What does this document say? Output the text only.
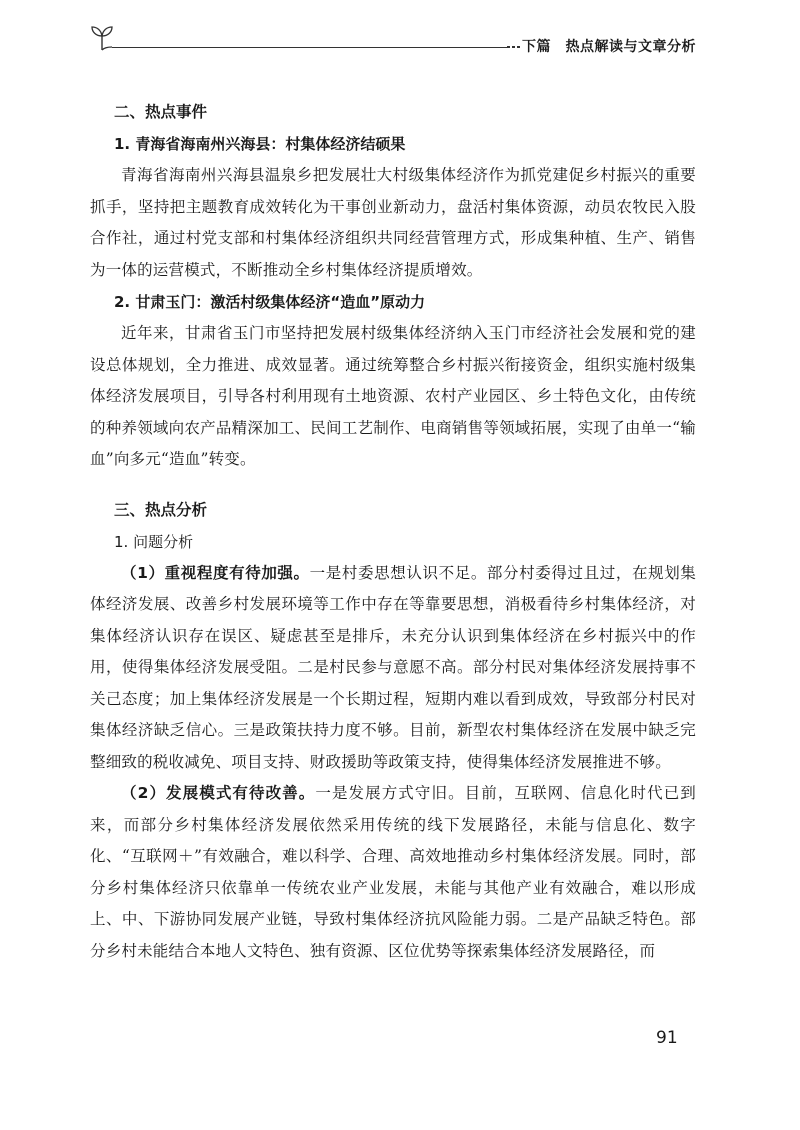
下篇　热点解读与文章分析

二、热点事件

1. 青海省海南州兴海县：村集体经济结硕果

青海省海南州兴海县温泉乡把发展壮大村级集体经济作为抓党建促乡村振兴的重要抓手，坚持把主题教育成效转化为干事创业新动力，盘活村集体资源，动员农牧民入股合作社，通过村党支部和村集体经济组织共同经营管理方式，形成集种植、生产、销售为一体的运营模式，不断推动全乡村集体经济提质增效。

2. 甘肃玉门：激活村级集体经济“造血”原动力

近年来，甘肃省玉门市坚持把发展村级集体经济纳入玉门市经济社会发展和党的建设总体规划，全力推进、成效显著。通过统筹整合乡村振兴衔接资金，组织实施村级集体经济发展项目，引导各村利用现有土地资源、农村产业园区、乡土特色文化，由传统的种养领域向农产品精深加工、民间工艺制作、电商销售等领域拓展，实现了由单一“输血”向多元“造血”转变。

三、热点分析

1. 问题分析

（1）重视程度有待加强。一是村委思想认识不足。部分村委得过且过，在规划集体经济发展、改善乡村发展环境等工作中存在等靠要思想，消极看待乡村集体经济，对集体经济认识存在误区、疑虑甚至是排斥，未充分认识到集体经济在乡村振兴中的作用，使得集体经济发展受阻。二是村民参与意愿不高。部分村民对集体经济发展持事不关己态度；加上集体经济发展是一个长期过程，短期内难以看到成效，导致部分村民对集体经济缺乏信心。三是政策扶持力度不够。目前，新型农村集体经济在发展中缺乏完整细致的税收减免、项目支持、财政援助等政策支持，使得集体经济发展推进不够。

（2）发展模式有待改善。一是发展方式守旧。目前，互联网、信息化时代已到来，而部分乡村集体经济发展依然采用传统的线下发展路径，未能与信息化、数字化、“互联网＋”有效融合，难以科学、合理、高效地推动乡村集体经济发展。同时，部分乡村集体经济只依靠单一传统农业产业发展，未能与其他产业有效融合，难以形成上、中、下游协同发展产业链，导致村集体经济抗风险能力弱。二是产品缺乏特色。部分乡村未能结合本地人文特色、独有资源、区位优势等探索集体经济发展路径，而

91
